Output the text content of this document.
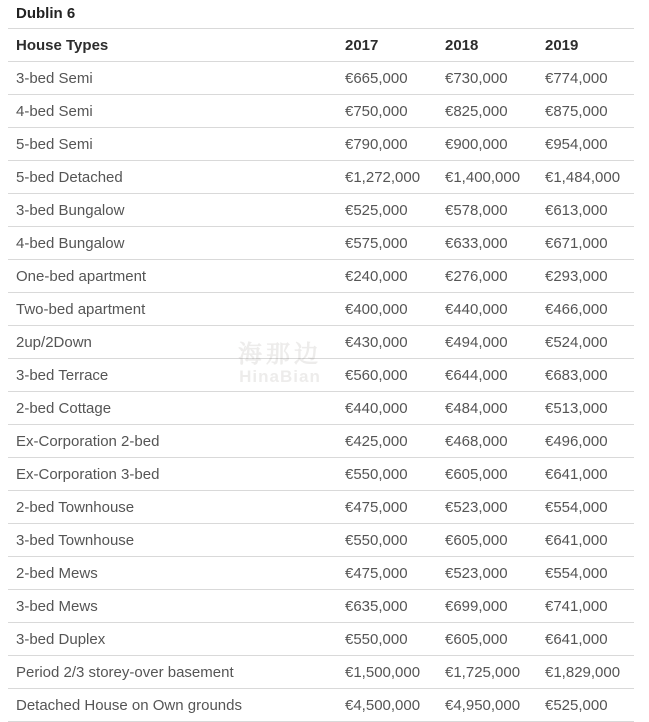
Dublin 6
House Types	2017	2018	2019
3-bed Semi	€665,000	€730,000	€774,000
4-bed Semi	€750,000	€825,000	€875,000
5-bed Semi	€790,000	€900,000	€954,000
5-bed Detached	€1,272,000	€1,400,000	€1,484,000
3-bed Bungalow	€525,000	€578,000	€613,000
4-bed Bungalow	€575,000	€633,000	€671,000
One-bed apartment	€240,000	€276,000	€293,000
Two-bed apartment	€400,000	€440,000	€466,000
2up/2Down	€430,000	€494,000	€524,000
3-bed Terrace	€560,000	€644,000	€683,000
2-bed Cottage	€440,000	€484,000	€513,000
Ex-Corporation 2-bed	€425,000	€468,000	€496,000
Ex-Corporation 3-bed	€550,000	€605,000	€641,000
2-bed Townhouse	€475,000	€523,000	€554,000
3-bed Townhouse	€550,000	€605,000	€641,000
2-bed Mews	€475,000	€523,000	€554,000
3-bed Mews	€635,000	€699,000	€741,000
3-bed Duplex	€550,000	€605,000	€641,000
Period 2/3 storey-over basement	€1,500,000	€1,725,000	€1,829,000
Detached House on Own grounds	€4,500,000	€4,950,000	€525,000
海那边
HinaBian
